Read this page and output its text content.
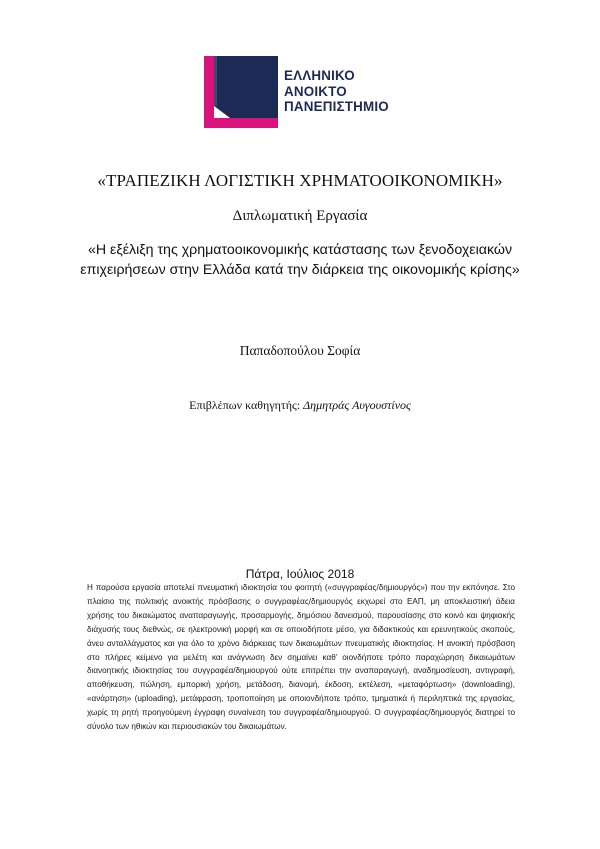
ΕΛΛΗΝΙΚΟ
ΑΝΟΙΚΤΟ
ΠΑΝΕΠΙΣΤΗΜΙΟ
«ΤΡΑΠΕΖΙΚΗ ΛΟΓΙΣΤΙΚΗ ΧΡΗΜΑΤΟΟΙΚΟΝΟΜΙΚΗ»
Διπλωματική Εργασία
«Η εξέλιξη της χρηματοοικονομικής κατάστασης των ξενοδοχειακών
επιχειρήσεων στην Ελλάδα κατά την διάρκεια της οικονομικής κρίσης»
Παπαδοπούλου Σοφία
Επιβλέπων καθηγητής: Δημητράς Αυγουστίνος
Πάτρα, Ιούλιος 2018
Η παρούσα εργασία αποτελεί πνευματική ιδιοκτησία του φοιτητή («συγγραφέας/δημιουργός») που την εκπόνησε. Στο πλαίσιο της πολιτικής ανοικτής πρόσβασης ο συγγραφέας/δημιουργός εκχωρεί στο ΕΑΠ, μη αποκλειστική άδεια χρήσης του δικαιώματος αναπαραγωγής, προσαρμογής, δημόσιου δανεισμού, παρουσίασης στο κοινό και ψηφιακής διάχυσής τους διεθνώς, σε ηλεκτρονική μορφή και σε οποιοδήποτε μέσο, για διδακτικούς και ερευνητικούς σκοπούς, άνευ ανταλλάγματος και για όλο το χρόνο διάρκειας των δικαιωμάτων πνευματικής ιδιοκτησίας. Η ανοικτή πρόσβαση στο πλήρες κείμενο για μελέτη και ανάγνωση δεν σημαίνει καθ’ οιονδήποτε τρόπο παραχώρηση δικαιωμάτων διανοητικής ιδιοκτησίας του συγγραφέα/δημιουργού ούτε επιτρέπει την αναπαραγωγή, αναδημοσίευση, αντιγραφή, αποθήκευση, πώληση, εμπορική χρήση, μετάδοση, διανομή, έκδοση, εκτέλεση, «μεταφόρτωση» (downloading), «ανάρτηση» (uploading), μετάφραση, τροποποίηση με οποιονδήποτε τρόπο, τμηματικά ή περιληπτικά της εργασίας, χωρίς τη ρητή προηγούμενη έγγραφη συναίνεση του συγγραφέα/δημιουργού. Ο συγγραφέας/δημιουργός διατηρεί το σύνολο των ηθικών και περιουσιακών του δικαιωμάτων.
